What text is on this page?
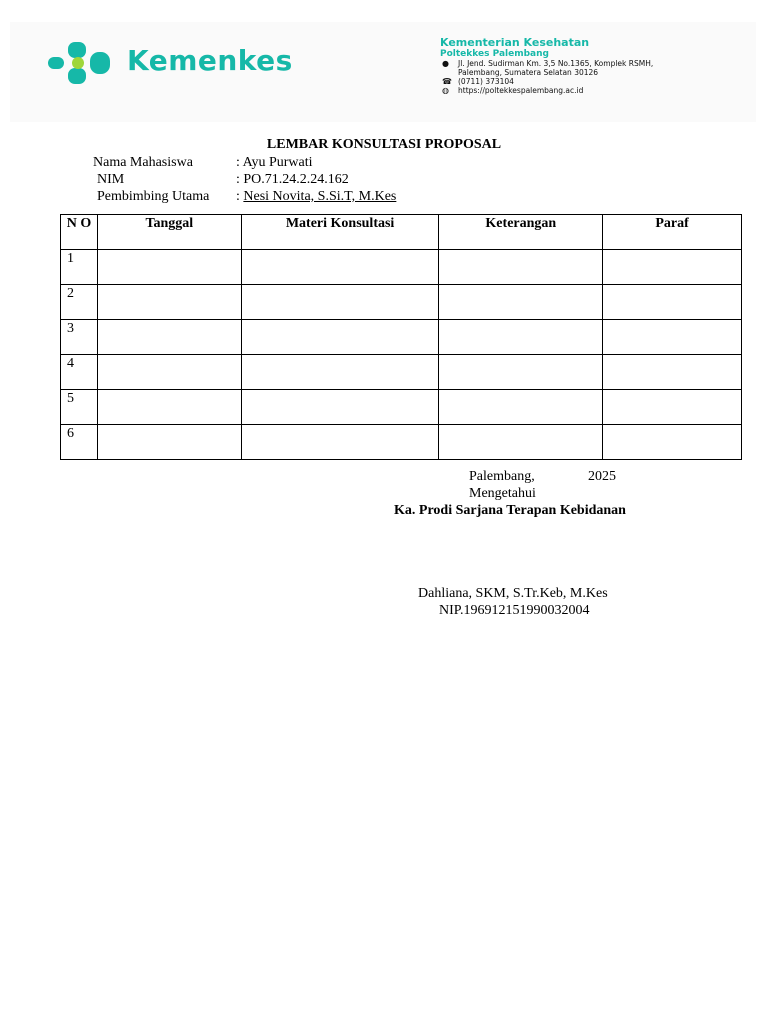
Kemenkes
Kementerian Kesehatan
Poltekkes Palembang
● Jl. Jend. Sudirman Km. 3,5 No.1365, Komplek RSMH,
Palembang, Sumatera Selatan 30126
☎ (0711) 373104
◍ https://poltekkespalembang.ac.id
LEMBAR KONSULTASI PROPOSAL
Nama Mahasiswa	: Ayu Purwati
NIM	: PO.71.24.2.24.162
Pembimbing Utama : Nesi Novita, S.Si.T, M.Kes
N O	Tanggal	Materi Konsultasi	Keterangan	Paraf
1				
2				
3				
4				
5				
6				
Palembang,	2025
Mengetahui
Ka. Prodi Sarjana Terapan Kebidanan
Dahliana, SKM, S.Tr.Keb, M.Kes
NIP.196912151990032004
